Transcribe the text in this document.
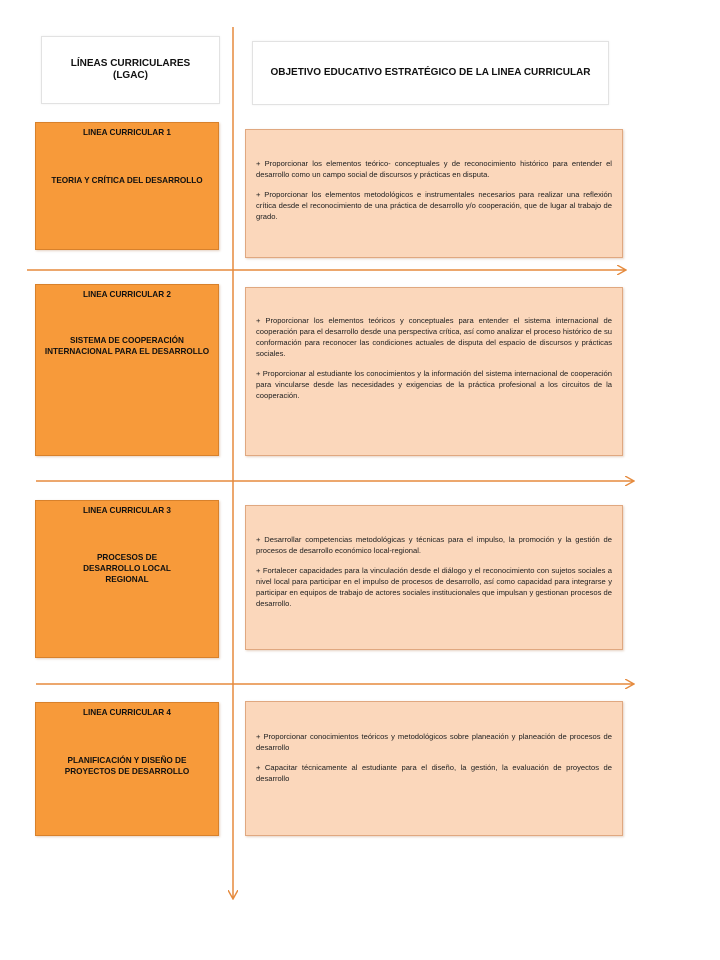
LÍNEAS CURRICULARES
(LGAC)	OBJETIVO EDUCATIVO ESTRATÉGICO DE LA LINEA CURRICULAR
LINEA CURRICULAR 1
TEORIA Y CRÍTICA DEL DESARROLLO

+ Proporcionar los elementos teórico- conceptuales y de reconocimiento histórico para entender el desarrollo como un campo social de discursos y prácticas en disputa.

+ Proporcionar los elementos metodológicos e instrumentales necesarios para realizar una reflexión crítica desde el reconocimiento de una práctica de desarrollo y/o cooperación, que de lugar al trabajo de grado.

LINEA CURRICULAR 2
SISTEMA DE COOPERACIÓN INTERNACIONAL PARA EL DESARROLLO

+ Proporcionar los elementos teóricos y conceptuales para entender el sistema internacional de cooperación para el desarrollo desde una perspectiva crítica, así como analizar el proceso histórico de su conformación para reconocer las condiciones actuales de disputa del espacio de discursos y prácticas sociales.

+ Proporcionar al estudiante los conocimientos y la información del sistema internacional de cooperación para vincularse desde las necesidades y exigencias de la práctica profesional a los circuitos de la cooperación.

LINEA CURRICULAR 3
PROCESOS DE DESARROLLO LOCAL REGIONAL

+ Desarrollar competencias metodológicas y técnicas para el impulso, la promoción y la gestión de procesos de desarrollo económico local-regional.

+ Fortalecer capacidades para la vinculación desde el diálogo y el reconocimiento con sujetos sociales a nivel local para participar en el impulso de procesos de desarrollo, así como capacidad para integrarse y participar en equipos de trabajo de actores sociales institucionales que impulsan y gestionan procesos de desarrollo.

LINEA CURRICULAR 4
PLANIFICACIÓN Y DISEÑO DE PROYECTOS DE DESARROLLO

+ Proporcionar conocimientos teóricos y metodológicos sobre planeación y planeación de procesos de desarrollo

+ Capacitar técnicamente al estudiante para el diseño, la gestión, la evaluación de proyectos de desarrollo
